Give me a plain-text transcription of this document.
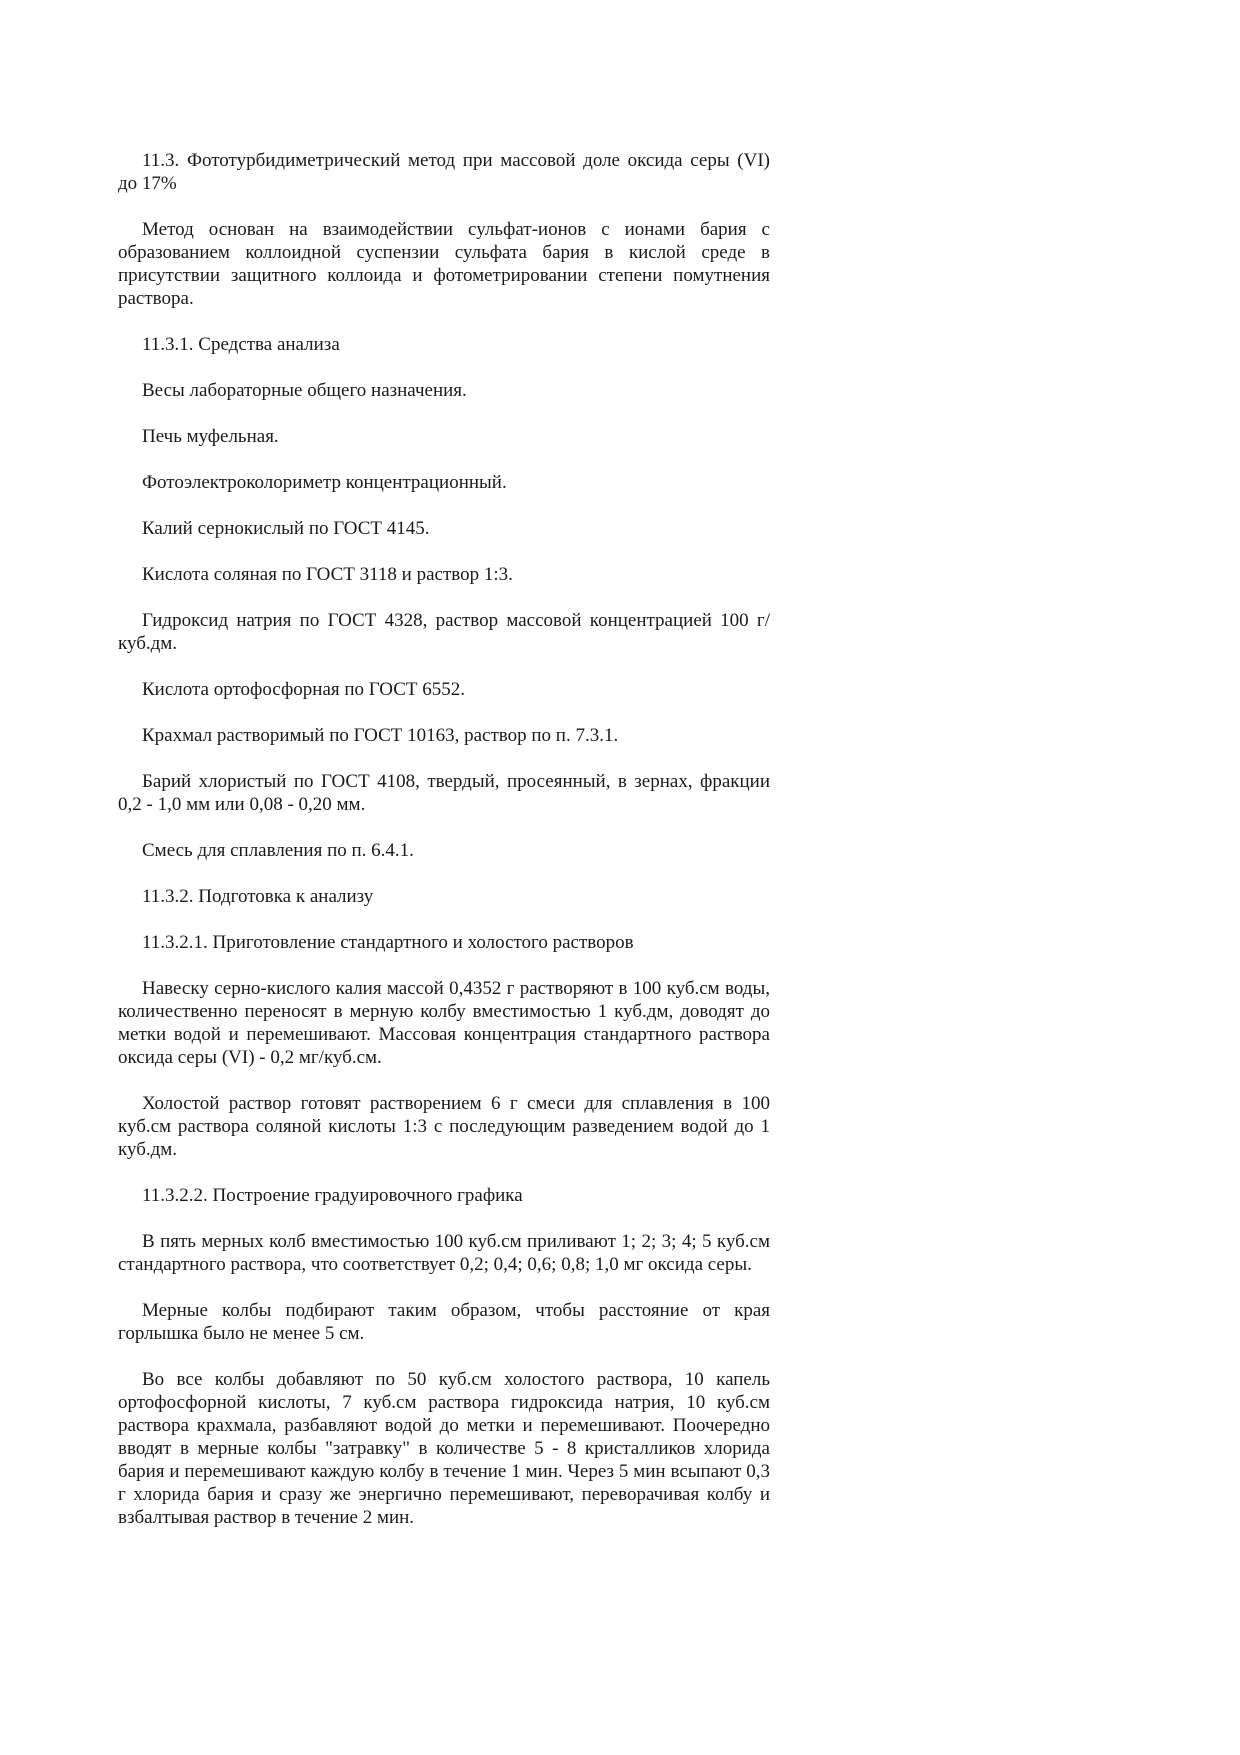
11.3. Фототурбидиметрический метод при массовой доле оксида серы (VI) до 17%

Метод основан на взаимодействии сульфат-ионов с ионами бария с образованием коллоидной суспензии сульфата бария в кислой среде в присутствии защитного коллоида и фотометрировании степени помутнения раствора.

11.3.1. Средства анализа

Весы лабораторные общего назначения.

Печь муфельная.

Фотоэлектроколориметр концентрационный.

Калий сернокислый по ГОСТ 4145.

Кислота соляная по ГОСТ 3118 и раствор 1:3.

Гидроксид натрия по ГОСТ 4328, раствор массовой концентрацией 100 г/куб.дм.

Кислота ортофосфорная по ГОСТ 6552.

Крахмал растворимый по ГОСТ 10163, раствор по п. 7.3.1.

Барий хлористый по ГОСТ 4108, твердый, просеянный, в зернах, фракции 0,2 - 1,0 мм или 0,08 - 0,20 мм.

Смесь для сплавления по п. 6.4.1.

11.3.2. Подготовка к анализу

11.3.2.1. Приготовление стандартного и холостого растворов

Навеску серно-кислого калия массой 0,4352 г растворяют в 100 куб.см воды, количественно переносят в мерную колбу вместимостью 1 куб.дм, доводят до метки водой и перемешивают. Массовая концентрация стандартного раствора оксида серы (VI) - 0,2 мг/куб.см.

Холостой раствор готовят растворением 6 г смеси для сплавления в 100 куб.см раствора соляной кислоты 1:3 с последующим разведением водой до 1 куб.дм.

11.3.2.2. Построение градуировочного графика

В пять мерных колб вместимостью 100 куб.см приливают 1; 2; 3; 4; 5 куб.см стандартного раствора, что соответствует 0,2; 0,4; 0,6; 0,8; 1,0 мг оксида серы.

Мерные колбы подбирают таким образом, чтобы расстояние от края горлышка было не менее 5 см.

Во все колбы добавляют по 50 куб.см холостого раствора, 10 капель ортофосфорной кислоты, 7 куб.см раствора гидроксида натрия, 10 куб.см раствора крахмала, разбавляют водой до метки и перемешивают. Поочередно вводят в мерные колбы "затравку" в количестве 5 - 8 кристалликов хлорида бария и перемешивают каждую колбу в течение 1 мин. Через 5 мин всыпают 0,3 г хлорида бария и сразу же энергично перемешивают, переворачивая колбу и взбалтывая раствор в течение 2 мин.
